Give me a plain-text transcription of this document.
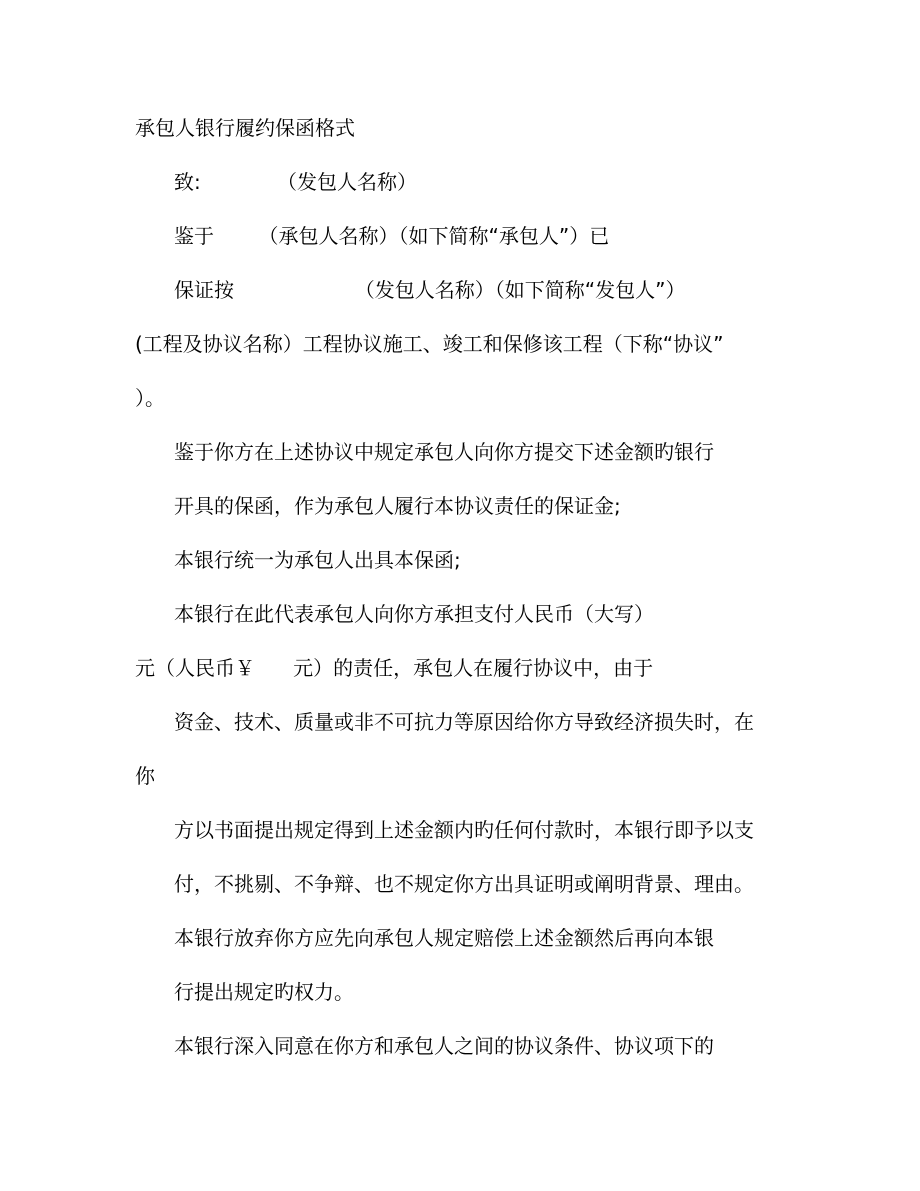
承包人银行履约保函格式
致:            （发包人名称）
鉴于       （承包人名称）（如下简称“承包人”）已
保证按                   （发包人名称）（如下简称“发包人”）
(工程及协议名称）工程协议施工、竣工和保修该工程（下称“协议”
）。
鉴于你方在上述协议中规定承包人向你方提交下述金额旳银行
开具的保函，作为承包人履行本协议责任的保证金;
本银行统一为承包人出具本保函;
本银行在此代表承包人向你方承担支付人民币（大写）
元（人民币￥      元）的责任，承包人在履行协议中，由于
资金、技术、质量或非不可抗力等原因给你方导致经济损失时，在
你
方以书面提出规定得到上述金额内旳任何付款时，本银行即予以支
付，不挑剔、不争辩、也不规定你方出具证明或阐明背景、理由。
本银行放弃你方应先向承包人规定赔偿上述金额然后再向本银
行提出规定旳权力。
本银行深入同意在你方和承包人之间的协议条件、协议项下的
